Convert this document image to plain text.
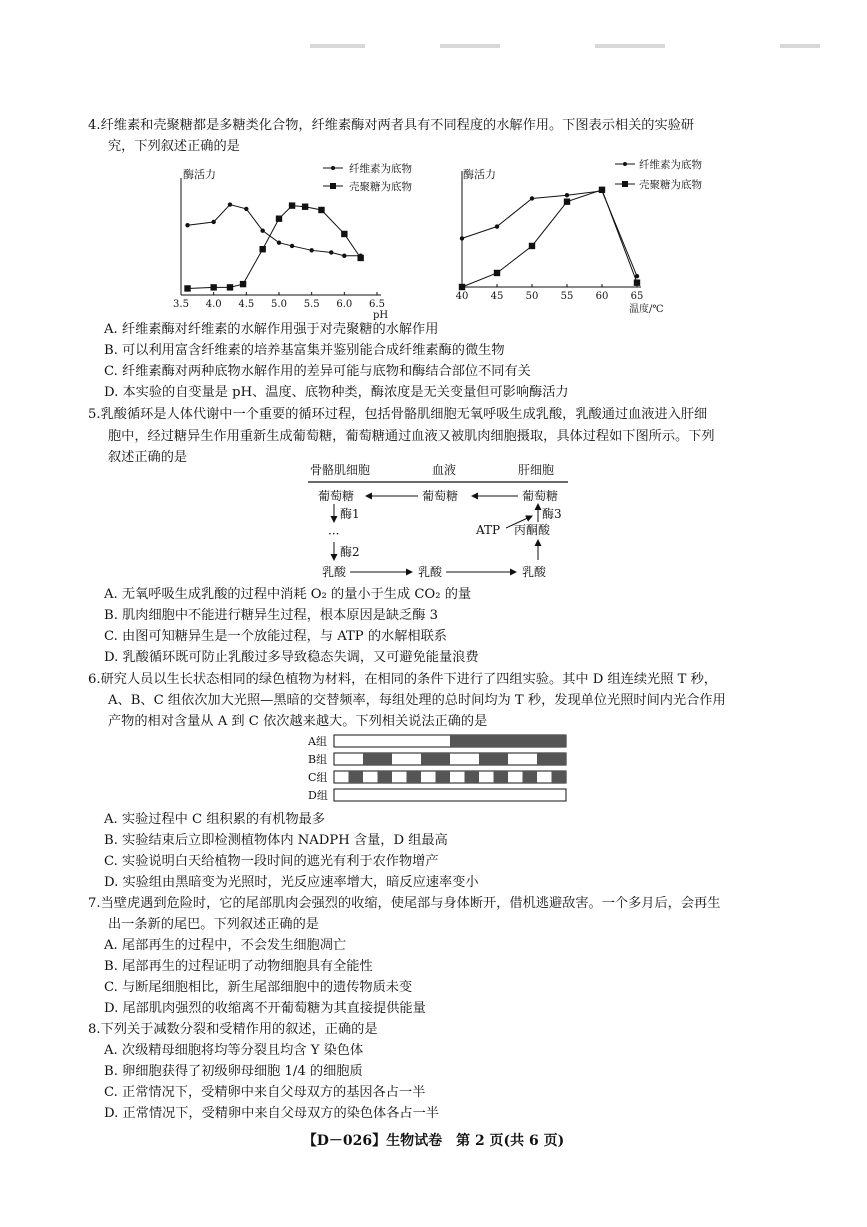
4.纤维素和壳聚糖都是多糖类化合物，纤维素酶对两者具有不同程度的水解作用。下图表示相关的实验研
究，下列叙述正确的是
3.5 4.0 4.5 5.0 5.5 6.0 6.5
酶活力
pH
纤维素为底物
壳聚糖为底物
40 45 50 55 60 65
酶活力
温度/℃
纤维素为底物
壳聚糖为底物
A. 纤维素酶对纤维素的水解作用强于对壳聚糖的水解作用
B. 可以利用富含纤维素的培养基富集并鉴别能合成纤维素酶的微生物
C. 纤维素酶对两种底物水解作用的差异可能与底物和酶结合部位不同有关
D. 本实验的自变量是 pH、温度、底物种类，酶浓度是无关变量但可影响酶活力
5.乳酸循环是人体代谢中一个重要的循环过程，包括骨骼肌细胞无氧呼吸生成乳酸，乳酸通过血液进入肝细
胞中，经过糖异生作用重新生成葡萄糖，葡萄糖通过血液又被肌肉细胞摄取，具体过程如下图所示。下列
叙述正确的是
骨骼肌细胞	血液	肝细胞
葡萄糖	葡萄糖	葡萄糖
酶1
···
酶2
酶3
ATP 丙酮酸
乳酸	乳酸	乳酸
A. 无氧呼吸生成乳酸的过程中消耗 O₂ 的量小于生成 CO₂ 的量
B. 肌肉细胞中不能进行糖异生过程，根本原因是缺乏酶 3
C. 由图可知糖异生是一个放能过程，与 ATP 的水解相联系
D. 乳酸循环既可防止乳酸过多导致稳态失调，又可避免能量浪费
6.研究人员以生长状态相同的绿色植物为材料，在相同的条件下进行了四组实验。其中 D 组连续光照 T 秒，
A、B、C 组依次加大光照—黑暗的交替频率，每组处理的总时间均为 T 秒，发现单位光照时间内光合作用
产物的相对含量从 A 到 C 依次越来越大。下列相关说法正确的是
A组
B组
C组
D组
A. 实验过程中 C 组积累的有机物最多
B. 实验结束后立即检测植物体内 NADPH 含量，D 组最高
C. 实验说明白天给植物一段时间的遮光有利于农作物增产
D. 实验组由黑暗变为光照时，光反应速率增大，暗反应速率变小
7.当壁虎遇到危险时，它的尾部肌肉会强烈的收缩，使尾部与身体断开，借机逃避敌害。一个多月后，会再生
出一条新的尾巴。下列叙述正确的是
A. 尾部再生的过程中，不会发生细胞凋亡
B. 尾部再生的过程证明了动物细胞具有全能性
C. 与断尾细胞相比，新生尾部细胞中的遗传物质未变
D. 尾部肌肉强烈的收缩离不开葡萄糖为其直接提供能量
8.下列关于减数分裂和受精作用的叙述，正确的是
A. 次级精母细胞将均等分裂且均含 Y 染色体
B. 卵细胞获得了初级卵母细胞 1/4 的细胞质
C. 正常情况下，受精卵中来自父母双方的基因各占一半
D. 正常情况下，受精卵中来自父母双方的染色体各占一半
【D－026】生物试卷　第 2 页(共 6 页)
